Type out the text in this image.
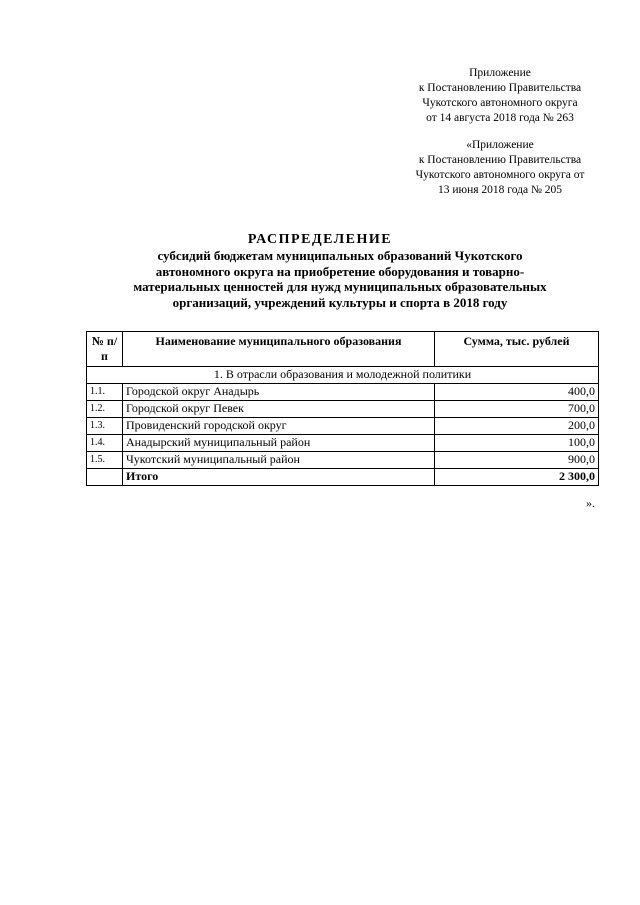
Приложение
к Постановлению Правительства
Чукотского автономного округа
от 14 августа 2018 года № 263
«Приложение
к Постановлению Правительства
Чукотского автономного округа от
13 июня 2018 года № 205
РАСПРЕДЕЛЕНИЕ
субсидий бюджетам муниципальных образований Чукотского
автономного округа на приобретение оборудования и товарно-
материальных ценностей для нужд муниципальных образовательных
организаций, учреждений культуры и спорта в 2018 году
№ п/п	Наименование муниципального образования	Сумма, тыс. рублей
1. В отрасли образования и молодежной политики		
1.1.	Городской округ Анадырь	400,0
1.2.	Городской округ Певек	700,0
1.3.	Провиденский городской округ	200,0
1.4.	Анадырский муниципальный район	100,0
1.5.	Чукотский муниципальный район	900,0
	Итого	2 300,0
».
